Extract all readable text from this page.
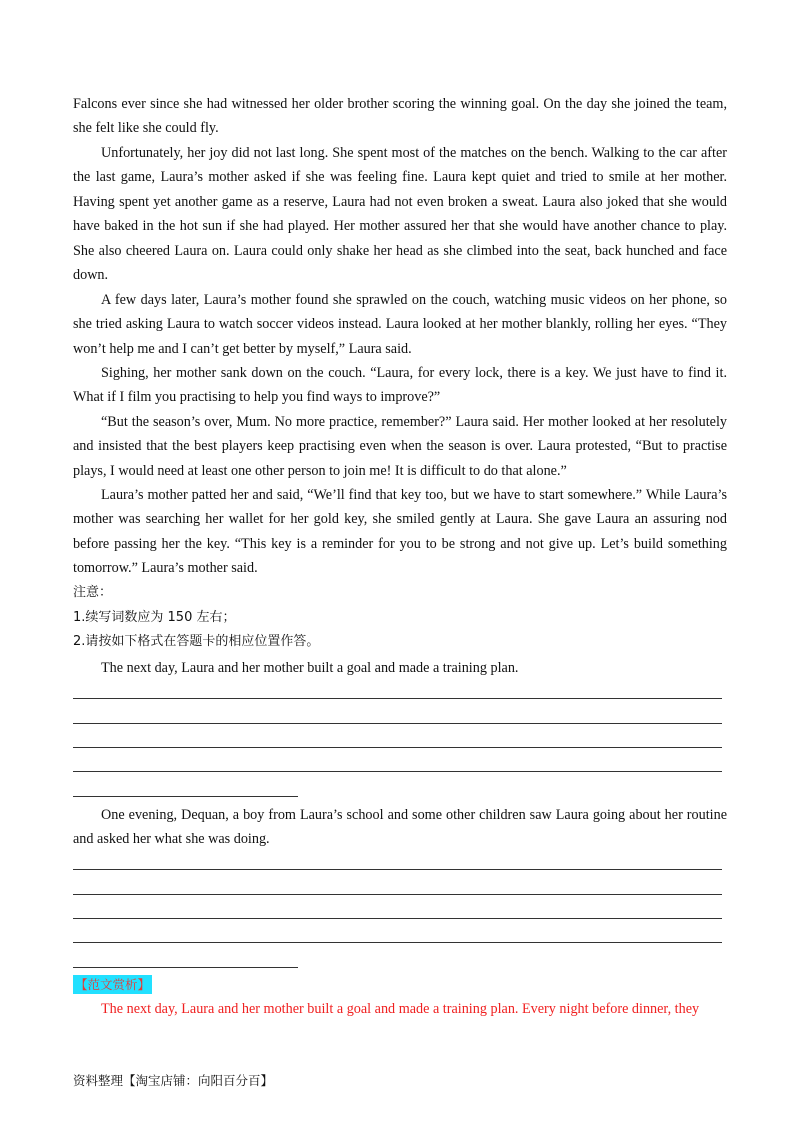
Falcons ever since she had witnessed her older brother scoring the winning goal. On the day she joined the team, she felt like she could fly.

Unfortunately, her joy did not last long. She spent most of the matches on the bench. Walking to the car after the last game, Laura’s mother asked if she was feeling fine. Laura kept quiet and tried to smile at her mother. Having spent yet another game as a reserve, Laura had not even broken a sweat. Laura also joked that she would have baked in the hot sun if she had played. Her mother assured her that she would have another chance to play. She also cheered Laura on. Laura could only shake her head as she climbed into the seat, back hunched and face down.

A few days later, Laura’s mother found she sprawled on the couch, watching music videos on her phone, so she tried asking Laura to watch soccer videos instead. Laura looked at her mother blankly, rolling her eyes. “They won’t help me and I can’t get better by myself,” Laura said.

Sighing, her mother sank down on the couch. “Laura, for every lock, there is a key. We just have to find it. What if I film you practising to help you find ways to improve?”

“But the season’s over, Mum. No more practice, remember?” Laura said. Her mother looked at her resolutely and insisted that the best players keep practising even when the season is over. Laura protested, “But to practise plays, I would need at least one other person to join me! It is difficult to do that alone.”

Laura’s mother patted her and said, “We’ll find that key too, but we have to start somewhere.” While Laura’s mother was searching her wallet for her gold key, she smiled gently at Laura. She gave Laura an assuring nod before passing her the key. “This key is a reminder for you to be strong and not give up. Let’s build something tomorrow.” Laura’s mother said.

注意：

1.续写词数应为 150 左右；

2.请按如下格式在答题卡的相应位置作答。

The next day, Laura and her mother built a goal and made a training plan.

One evening, Dequan, a boy from Laura’s school and some other children saw Laura going about her routine and asked her what she was doing.

【范文赏析】

The next day, Laura and her mother built a goal and made a training plan. Every night before dinner, they

资料整理【淘宝店铺：向阳百分百】
